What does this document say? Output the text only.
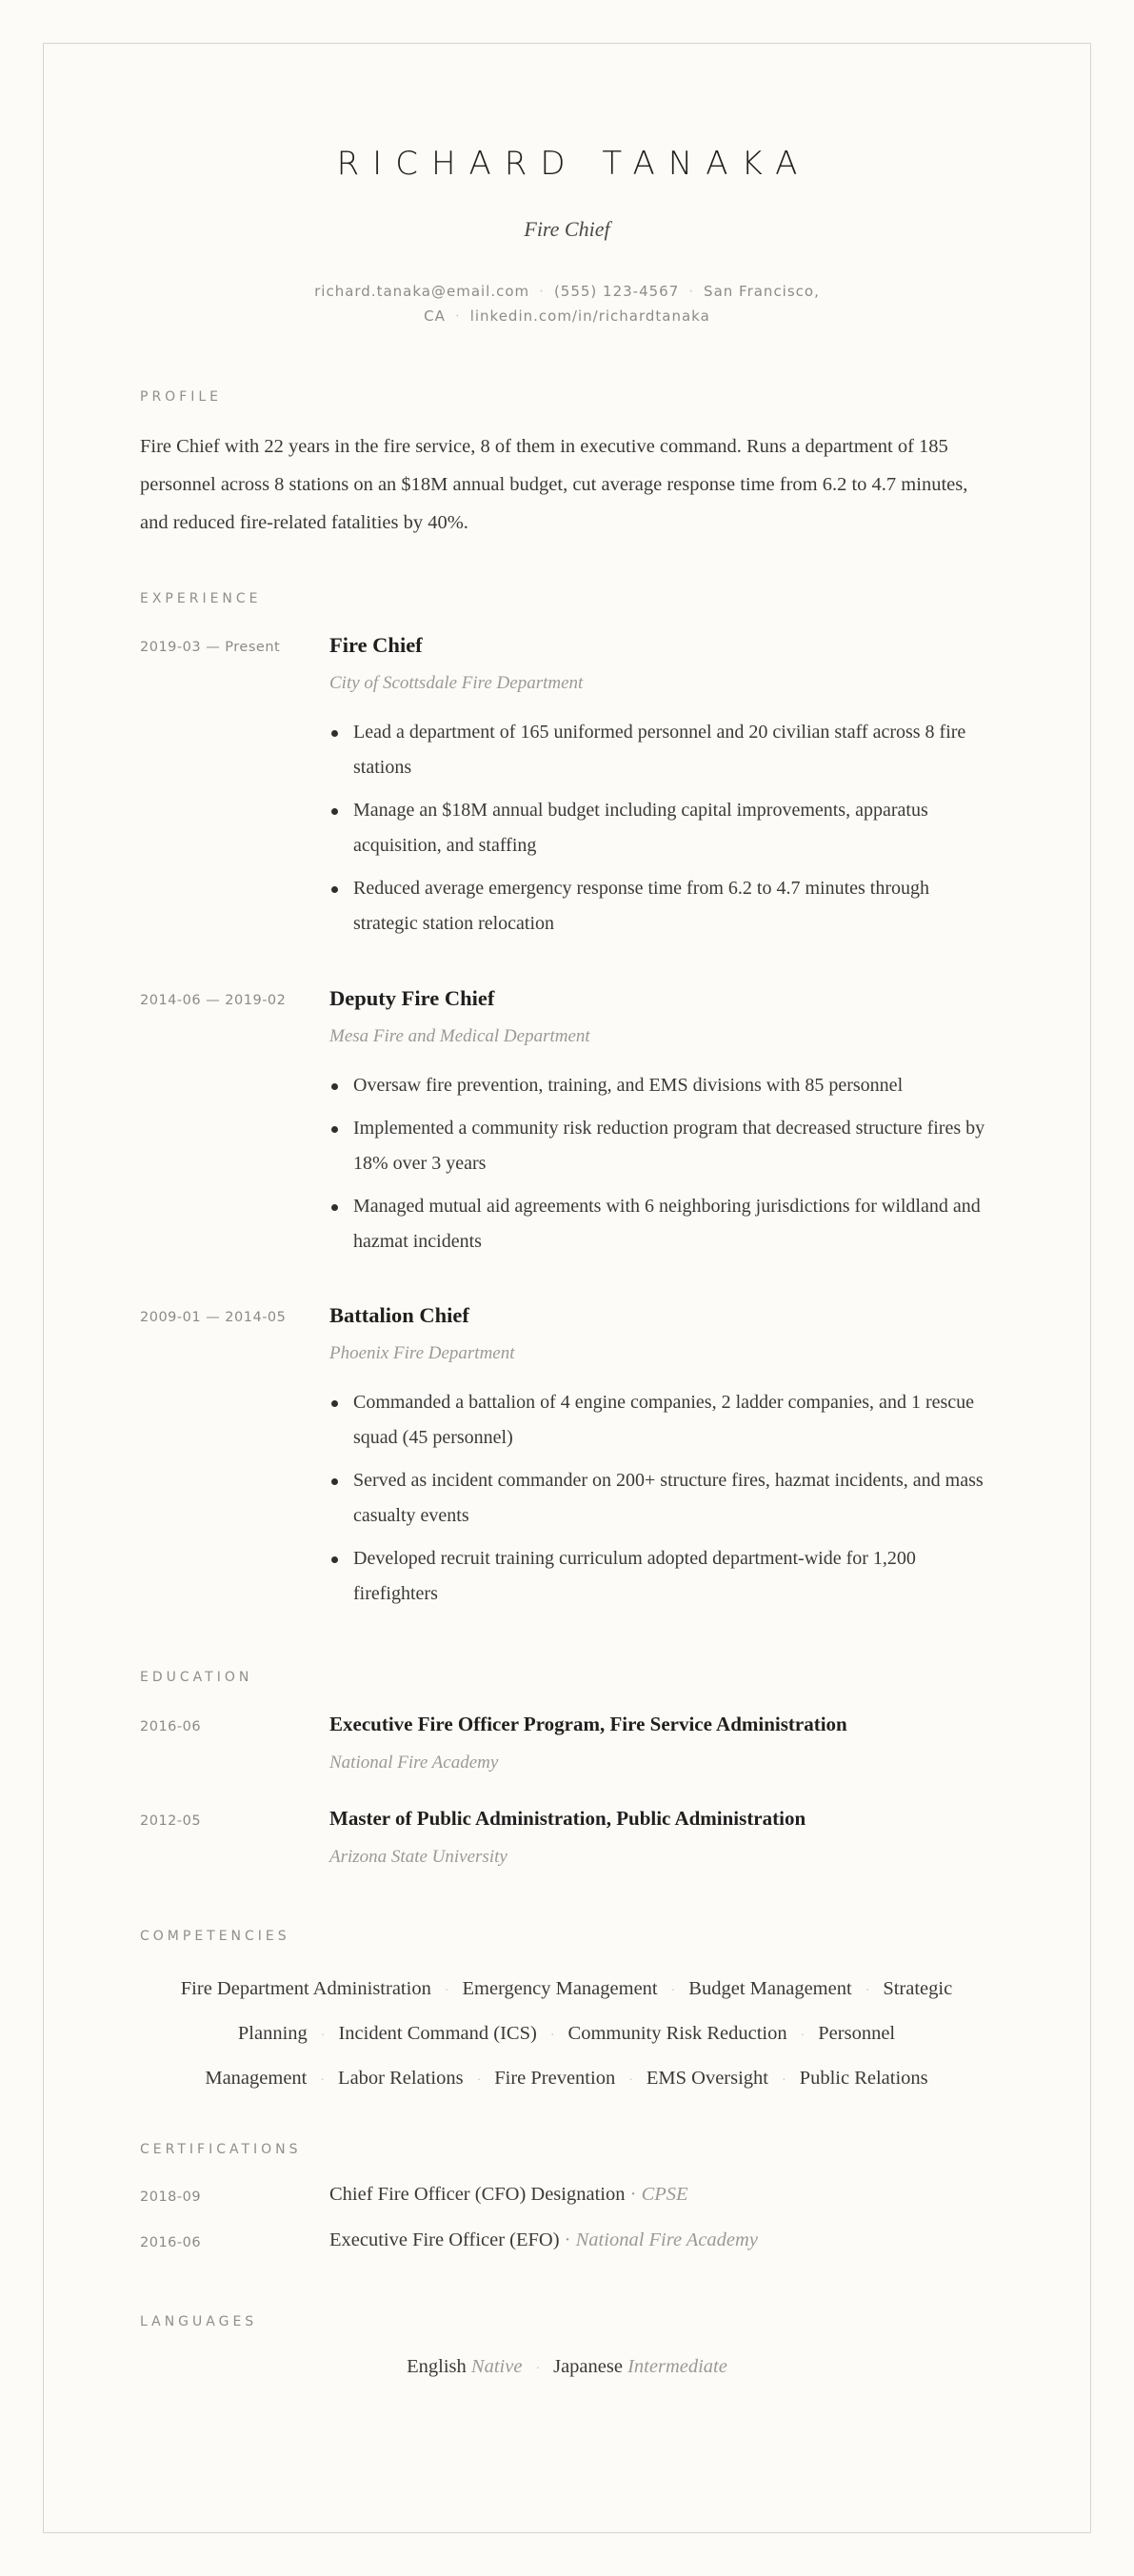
RICHARD TANAKA
Fire Chief
richard.tanaka@email.com · (555) 123-4567 · San Francisco,
CA · linkedin.com/in/richardtanaka
PROFILE
Fire Chief with 22 years in the fire service, 8 of them in executive command. Runs a department of 185 personnel across 8 stations on an $18M annual budget, cut average response time from 6.2 to 4.7 minutes, and reduced fire-related fatalities by 40%.
EXPERIENCE
2019-03 — Present Fire Chief
City of Scottsdale Fire Department
Lead a department of 165 uniformed personnel and 20 civilian staff across 8 fire stations
Manage an $18M annual budget including capital improvements, apparatus acquisition, and staffing
Reduced average emergency response time from 6.2 to 4.7 minutes through strategic station relocation
2014-06 — 2019-02 Deputy Fire Chief
Mesa Fire and Medical Department
Oversaw fire prevention, training, and EMS divisions with 85 personnel
Implemented a community risk reduction program that decreased structure fires by 18% over 3 years
Managed mutual aid agreements with 6 neighboring jurisdictions for wildland and hazmat incidents
2009-01 — 2014-05 Battalion Chief
Phoenix Fire Department
Commanded a battalion of 4 engine companies, 2 ladder companies, and 1 rescue squad (45 personnel)
Served as incident commander on 200+ structure fires, hazmat incidents, and mass casualty events
Developed recruit training curriculum adopted department-wide for 1,200 firefighters
EDUCATION
2016-06	Executive Fire Officer Program, Fire Service Administration
National Fire Academy
2012-05	Master of Public Administration, Public Administration
Arizona State University
COMPETENCIES
Fire Department Administration · Emergency Management · Budget Management · Strategic
Planning · Incident Command (ICS) · Community Risk Reduction · Personnel
Management · Labor Relations · Fire Prevention · EMS Oversight · Public Relations
CERTIFICATIONS
2018-09	Chief Fire Officer (CFO) Designation · CPSE
2016-06	Executive Fire Officer (EFO) · National Fire Academy
LANGUAGES
English Native · Japanese Intermediate
